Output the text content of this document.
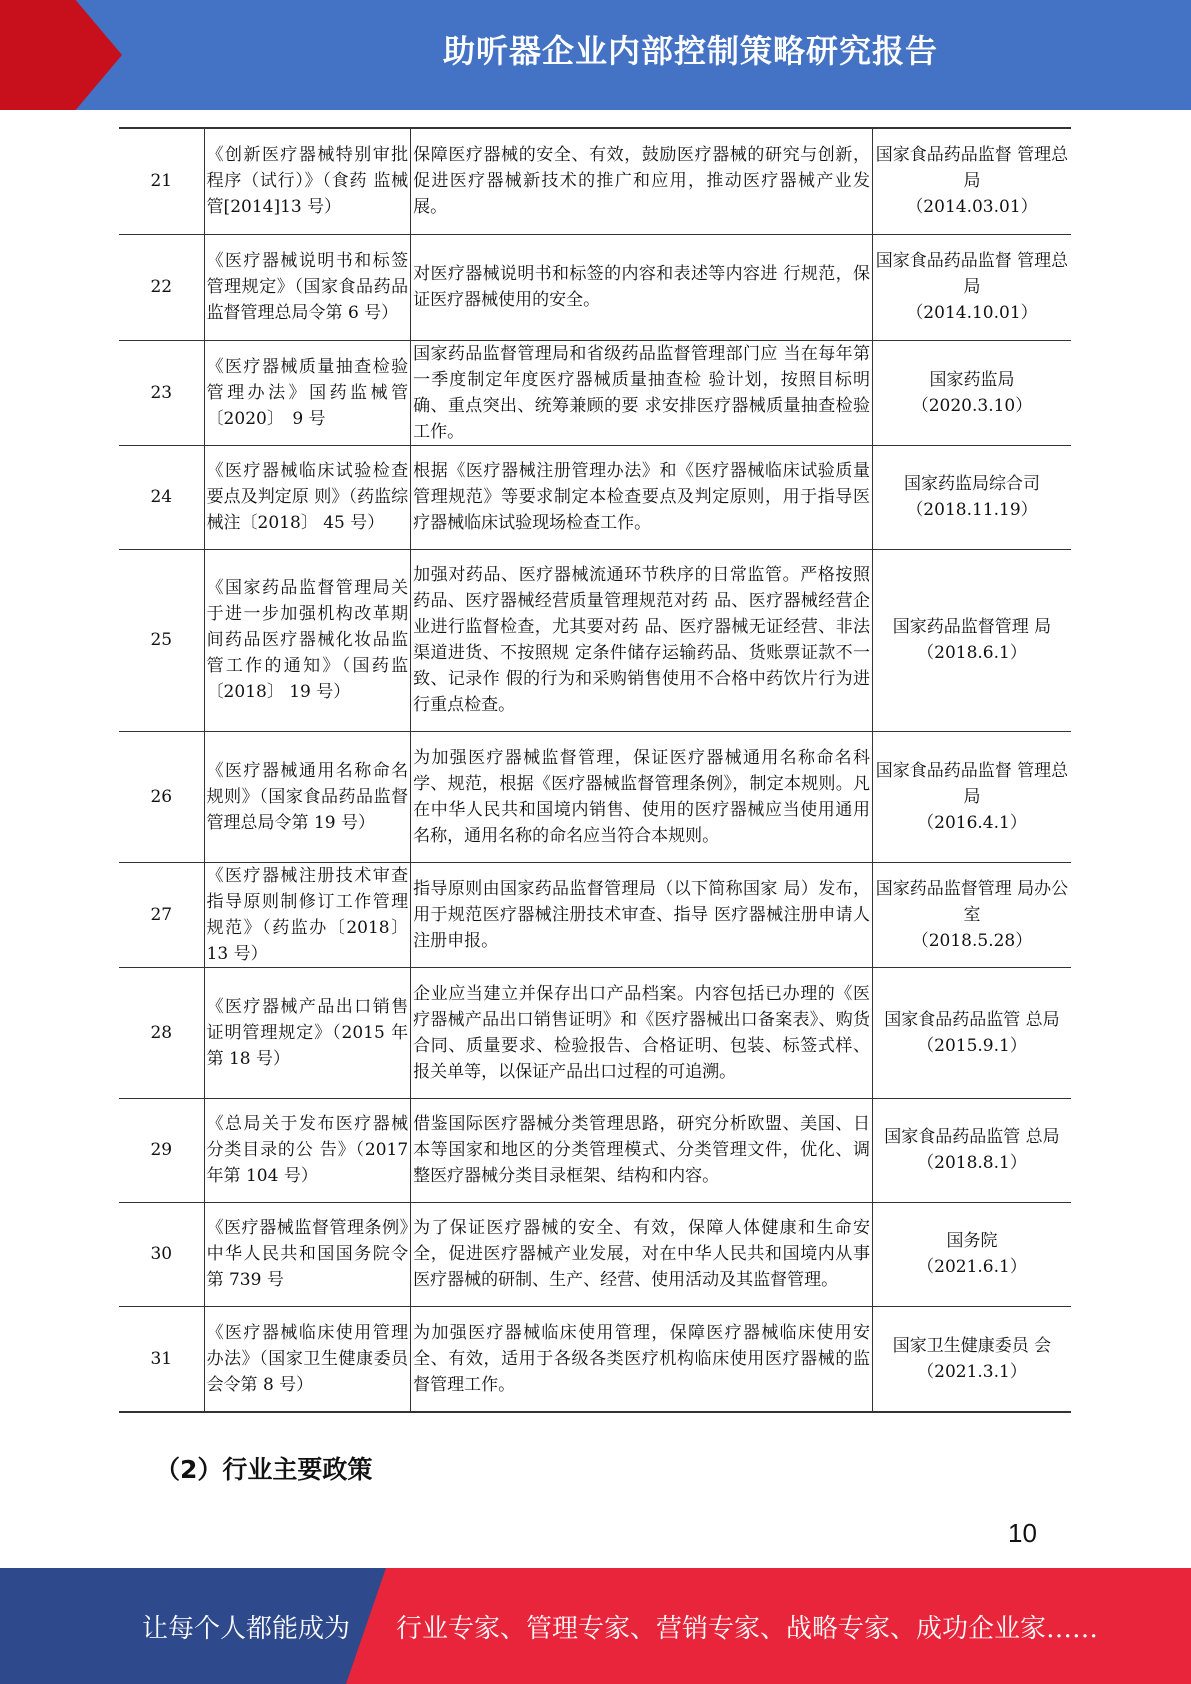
助听器企业内部控制策略研究报告
21	《创新医疗器械特别审批程序（试行）》（食药 监械管[2014]13 号）	保障医疗器械的安全、有效，鼓励医疗器械的研究与创新，促进医疗器械新技术的推广和应用，推动医疗器械产业发展。	国家食品药品监督 管理总局
（2014.03.01）
22	《医疗器械说明书和标签管理规定》（国家食品药品监督管理总局令第 6 号）	对医疗器械说明书和标签的内容和表述等内容进 行规范，保证医疗器械使用的安全。	国家食品药品监督 管理总局
（2014.10.01）
23	《医疗器械质量抽查检验管理办法》国药监械管〔2020〕　9 号	国家药品监督管理局和省级药品监督管理部门应 当在每年第一季度制定年度医疗器械质量抽查检 验计划，按照目标明确、重点突出、统筹兼顾的要 求安排医疗器械质量抽查检验工作。	国家药监局
（2020.3.10）
24	《医疗器械临床试验检查要点及判定原 则》（药监综械注〔2018〕 45 号）	根据《医疗器械注册管理办法》和《医疗器械临床试验质量管理规范》等要求制定本检查要点及判定原则，用于指导医疗器械临床试验现场检查工作。	国家药监局综合司
（2018.11.19）
25	《国家药品监督管理局关于进一步加强机构改革期间药品医疗器械化妆品监管工作的通知》（国药监〔2018〕 19 号）	加强对药品、医疗器械流通环节秩序的日常监管。严格按照药品、医疗器械经营质量管理规范对药 品、医疗器械经营企业进行监督检查，尤其要对药 品、医疗器械无证经营、非法渠道进货、不按照规 定条件储存运输药品、货账票证款不一致、记录作 假的行为和采购销售使用不合格中药饮片行为进 行重点检查。	国家药品监督管理 局
（2018.6.1）
26	《医疗器械通用名称命名规则》（国家食品药品监督管理总局令第 19 号）	为加强医疗器械监督管理，保证医疗器械通用名称命名科学、规范，根据《医疗器械监督管理条例》，制定本规则。凡在中华人民共和国境内销售、使用的医疗器械应当使用通用名称，通用名称的命名应当符合本规则。	国家食品药品监督 管理总局
（2016.4.1）
27	《医疗器械注册技术审查指导原则制修订工作管理规范》（药监办〔2018〕13 号）	指导原则由国家药品监督管理局（以下简称国家 局）发布，用于规范医疗器械注册技术审查、指导 医疗器械注册申请人注册申报。	国家药品监督管理 局办公室
（2018.5.28）
28	《医疗器械产品出口销售证明管理规定》（2015 年第 18 号）	企业应当建立并保存出口产品档案。内容包括已办理的《医疗器械产品出口销售证明》和《医疗器械出口备案表》、购货合同、质量要求、检验报告、合格证明、包装、标签式样、报关单等，以保证产品出口过程的可追溯。	国家食品药品监管 总局
（2015.9.1）
29	《总局关于发布医疗器械分类目录的公 告》（2017 年第 104 号）	借鉴国际医疗器械分类管理思路，研究分析欧盟、美国、日本等国家和地区的分类管理模式、分类管理文件，优化、调整医疗器械分类目录框架、结构和内容。	国家食品药品监管 总局
（2018.8.1）
30	《医疗器械监督管理条例》中华人民共和国国务院令第 739 号	为了保证医疗器械的安全、有效，保障人体健康和生命安全，促进医疗器械产业发展，对在中华人民共和国境内从事医疗器械的研制、生产、经营、使用活动及其监督管理。	国务院
（2021.6.1）
31	《医疗器械临床使用管理办法》（国家卫生健康委员会令第 8 号）	为加强医疗器械临床使用管理，保障医疗器械临床使用安全、有效，适用于各级各类医疗机构临床使用医疗器械的监督管理工作。	国家卫生健康委员 会
（2021.3.1）
（2）行业主要政策
10
让每个人都能成为 行业专家、管理专家、营销专家、战略专家、成功企业家……
